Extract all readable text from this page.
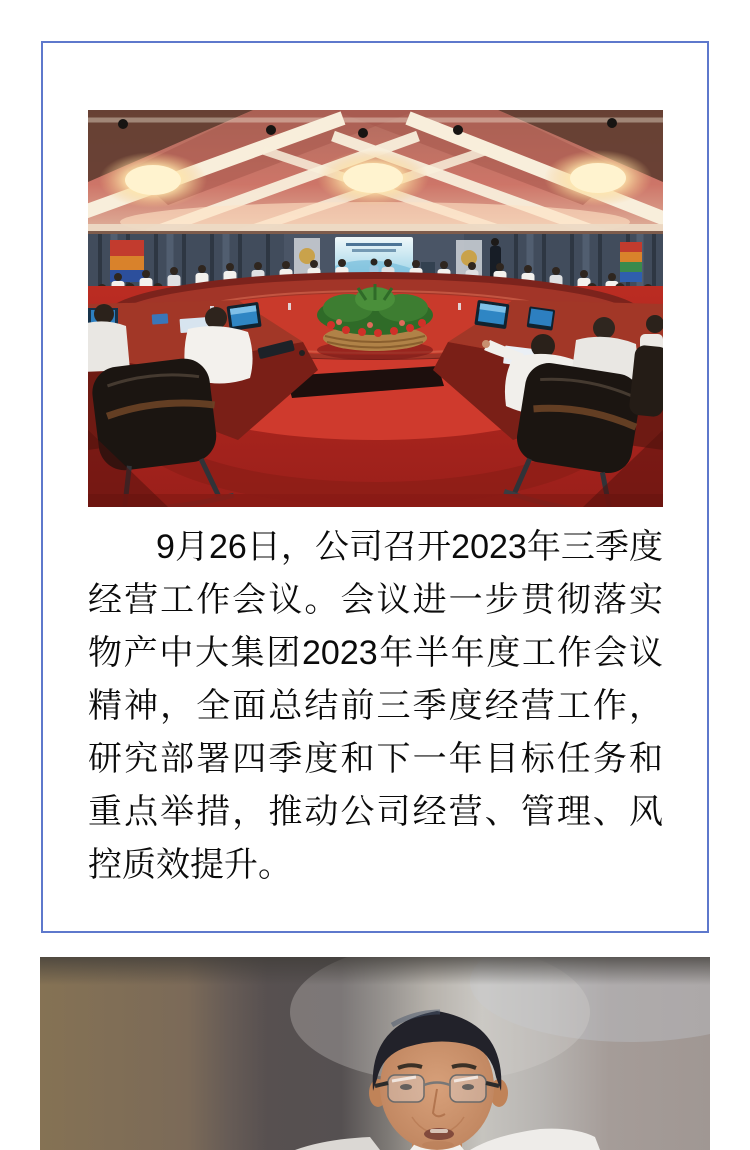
9月26日，公司召开2023年三季度经营工作会议。会议进一步贯彻落实物产中大集团2023年半年度工作会议精神，全面总结前三季度经营工作，研究部署四季度和下一年目标任务和重点举措，推动公司经营、管理、风控质效提升。
